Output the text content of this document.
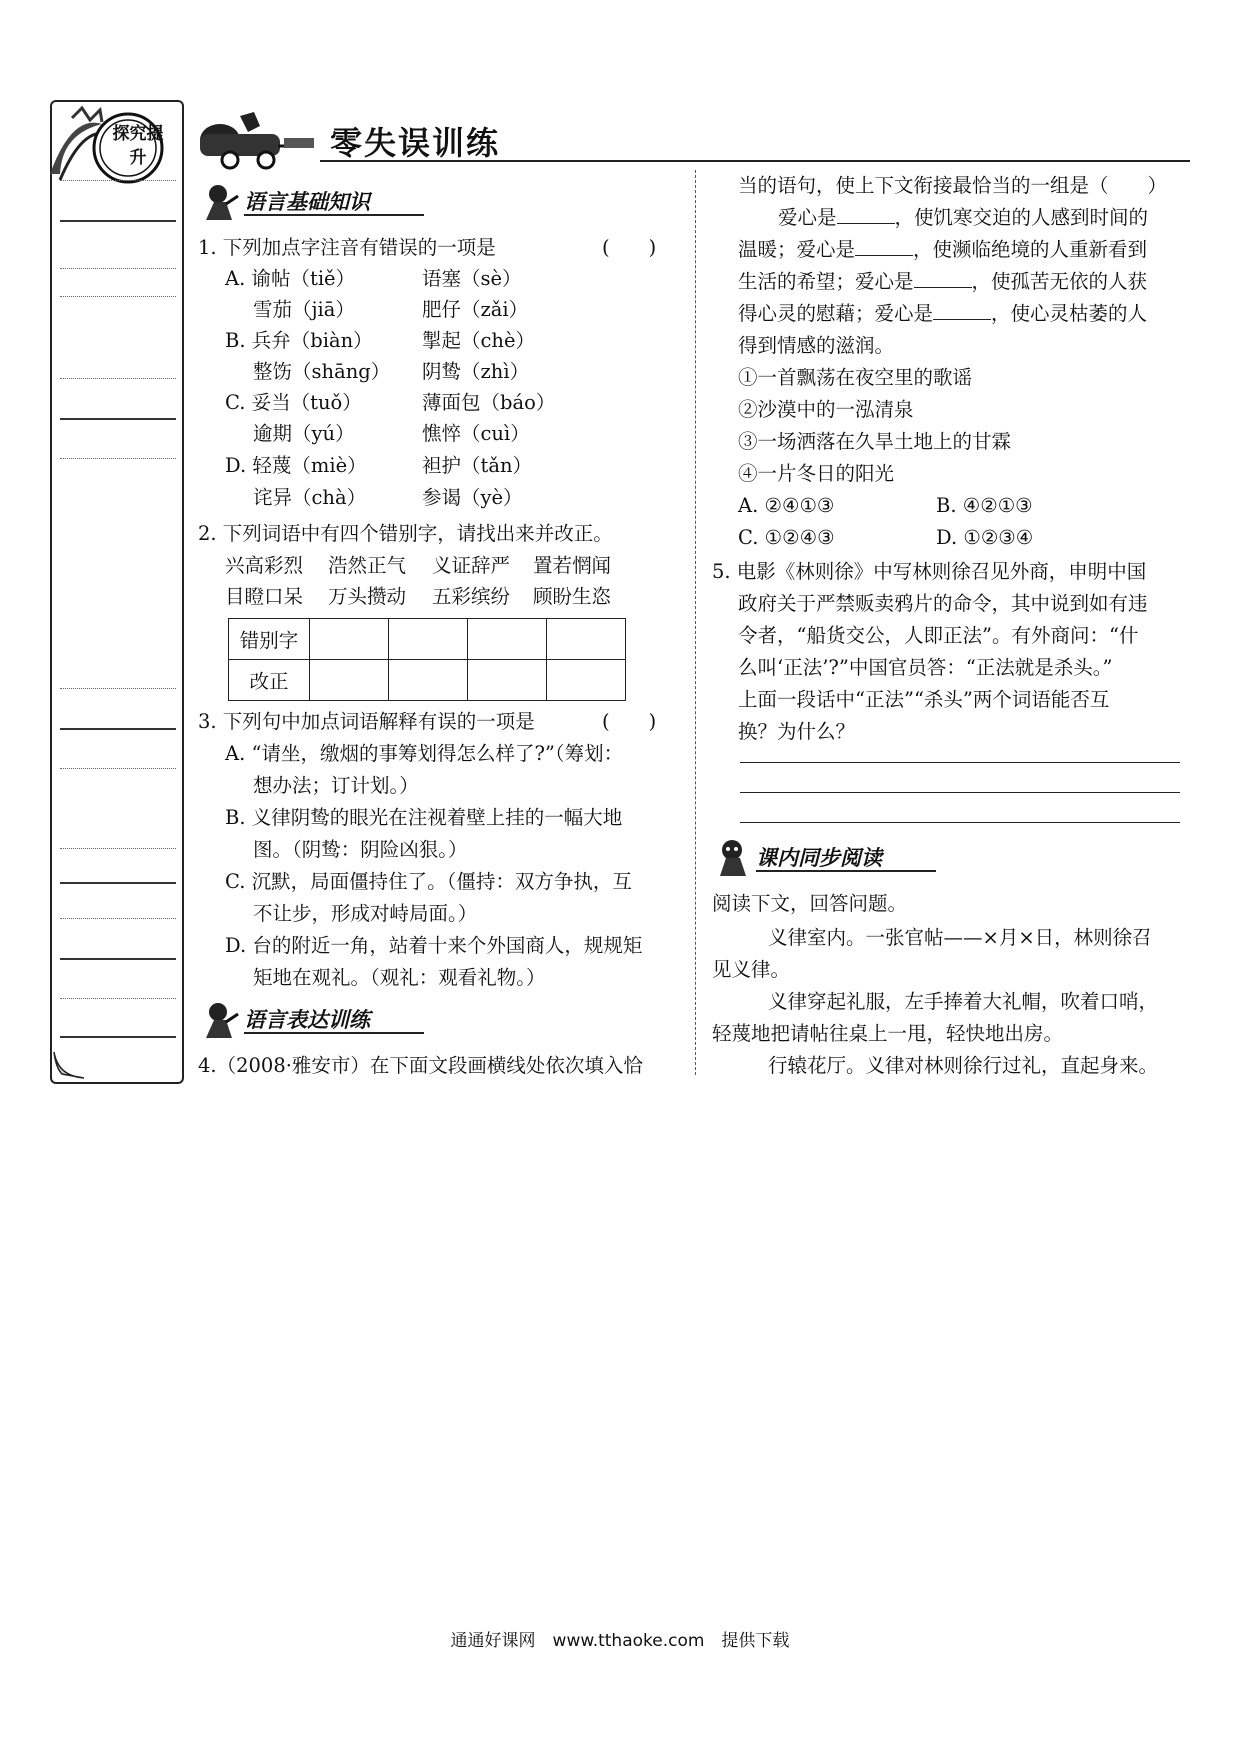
探究提升	零失误训练
语言基础知识
1. 下列加点字注音有错误的一项是	(　　)
A. 谕帖（tiě）	语塞（sè）
雪茄（jiā）	肥仔（zǎi）
B. 兵弁（biàn）	掣起（chè）
整饬（shāng） 阴鸷（zhì）
C. 妥当（tuǒ）	薄面包（báo）
逾期（yú）	憔悴（cuì）
D. 轻蔑（miè）	袒护（tǎn）
诧异（chà）	参谒（yè）
2. 下列词语中有四个错别字，请找出来并改正。
兴高彩烈 浩然正气 义证辞严 置若惘闻
目瞪口呆 万头攒动 五彩缤纷 顾盼生恣
错别字				
改正				
3. 下列句中加点词语解释有误的一项是	(　　)
A. “请坐，缴烟的事筹划得怎么样了?”（筹划：
想办法；订计划。）
B. 义律阴鸷的眼光在注视着壁上挂的一幅大地
图。（阴鸷：阴险凶狠。）
C. 沉默，局面僵持住了。（僵持：双方争执，互
不让步，形成对峙局面。）
D. 台的附近一角，站着十来个外国商人，规规矩
矩地在观礼。（观礼：观看礼物。）
语言表达训练
4.（2008·雅安市）在下面文段画横线处依次填入恰
当的语句，使上下文衔接最恰当的一组是（　　）
爱心是	，使饥寒交迫的人感到时间的
温暖；爱心是	，使濒临绝境的人重新看到
生活的希望；爱心是	，使孤苦无依的人获
得心灵的慰藉；爱心是	，使心灵枯萎的人
得到情感的滋润。
①一首飘荡在夜空里的歌谣
②沙漠中的一泓清泉
③一场洒落在久旱土地上的甘霖
④一片冬日的阳光
A. ②④①③	B. ④②①③
C. ①②④③	D. ①②③④
5. 电影《林则徐》中写林则徐召见外商，申明中国
政府关于严禁贩卖鸦片的命令，其中说到如有违
令者，“船货交公，人即正法”。有外商问：“什
么叫‘正法’?”中国官员答：“正法就是杀头。”
上面一段话中“正法”“杀头”两个词语能否互
换？为什么？
课内同步阅读
阅读下文，回答问题。
义律室内。一张官帖——×月×日，林则徐召
见义律。
义律穿起礼服，左手捧着大礼帽，吹着口哨，
轻蔑地把请帖往桌上一甩，轻快地出房。
行辕花厅。义律对林则徐行过礼，直起身来。
通通好课网　www.tthaoke.com　提供下载
